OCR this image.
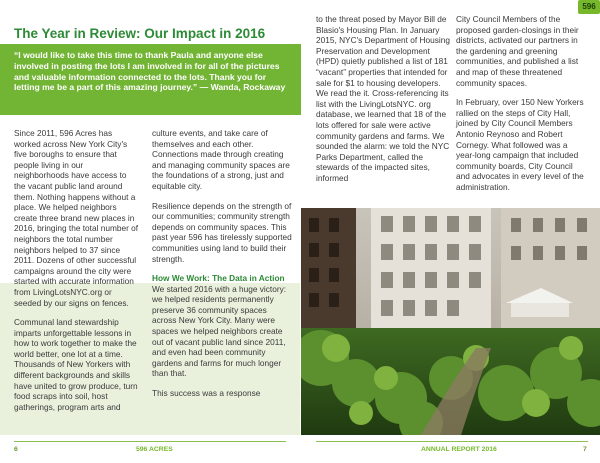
The Year in Review: Our Impact in 2016
“I would like to take this time to thank Paula and anyone else involved in posting the lots I am involved in for all of the pictures and valuable information connected to the lots. Thank you for letting me be a part of this amazing journey.” — Wanda, Rockaway

Since 2011, 596 Acres has worked across New York City's five boroughs to ensure that people living in our neighborhoods have access to the vacant public land around them. Nothing happens without a place. We helped neighbors create three brand new places in 2016, bringing the total number of neighbors the total number neighbors helped to 37 since 2011. Dozens of other successful campaigns around the city were started with accurate information from LivingLotsNYC.org or seeded by our signs on fences.

Communal land stewardship imparts unforgettable lessons in how to work together to make the world better, one lot at a time. Thousands of New Yorkers with different backgrounds and skills have united to grow produce, turn food scraps into soil, host gatherings, program arts and

culture events, and take care of themselves and each other. Connections made through creating and managing community spaces are the foundations of a strong, just and equitable city.

Resilience depends on the strength of our communities; community strength depends on community spaces. This past year 596 has tirelessly supported communities using land to build their strength.

How We Work: The Data in Action

We started 2016 with a huge victory: we helped residents permanently preserve 36 community spaces across New York City. Many were spaces we helped neighbors create out of vacant public land since 2011, and even had been community gardens and farms for much longer than that.

This success was a response

to the threat posed by Mayor Bill de Blasio's Housing Plan. In January 2015, NYC's Department of Housing Preservation and Development (HPD) quietly published a list of 181 “vacant” properties that intended for sale for $1 to housing developers. We read the it. Cross-referencing its list with the LivingLotsNYC. org database, we learned that 18 of the lots offered for sale were active community gardens and farms. We sounded the alarm: we told the NYC Parks Department, called the stewards of the impacted sites, informed

City Council Members of the proposed garden-closings in their districts, activated our partners in the gardening and greening communities, and published a list and map of these threatened community spaces.

In February, over 150 New Yorkers rallied on the steps of City Hall, joined by City Council Members Antonio Reynoso and Robert Cornegy. What followed was a year-long campaign that included community boards, City Council and advocates in every level of the administration.

596
6	596 ACRES	ANNUAL REPORT 2016	7
